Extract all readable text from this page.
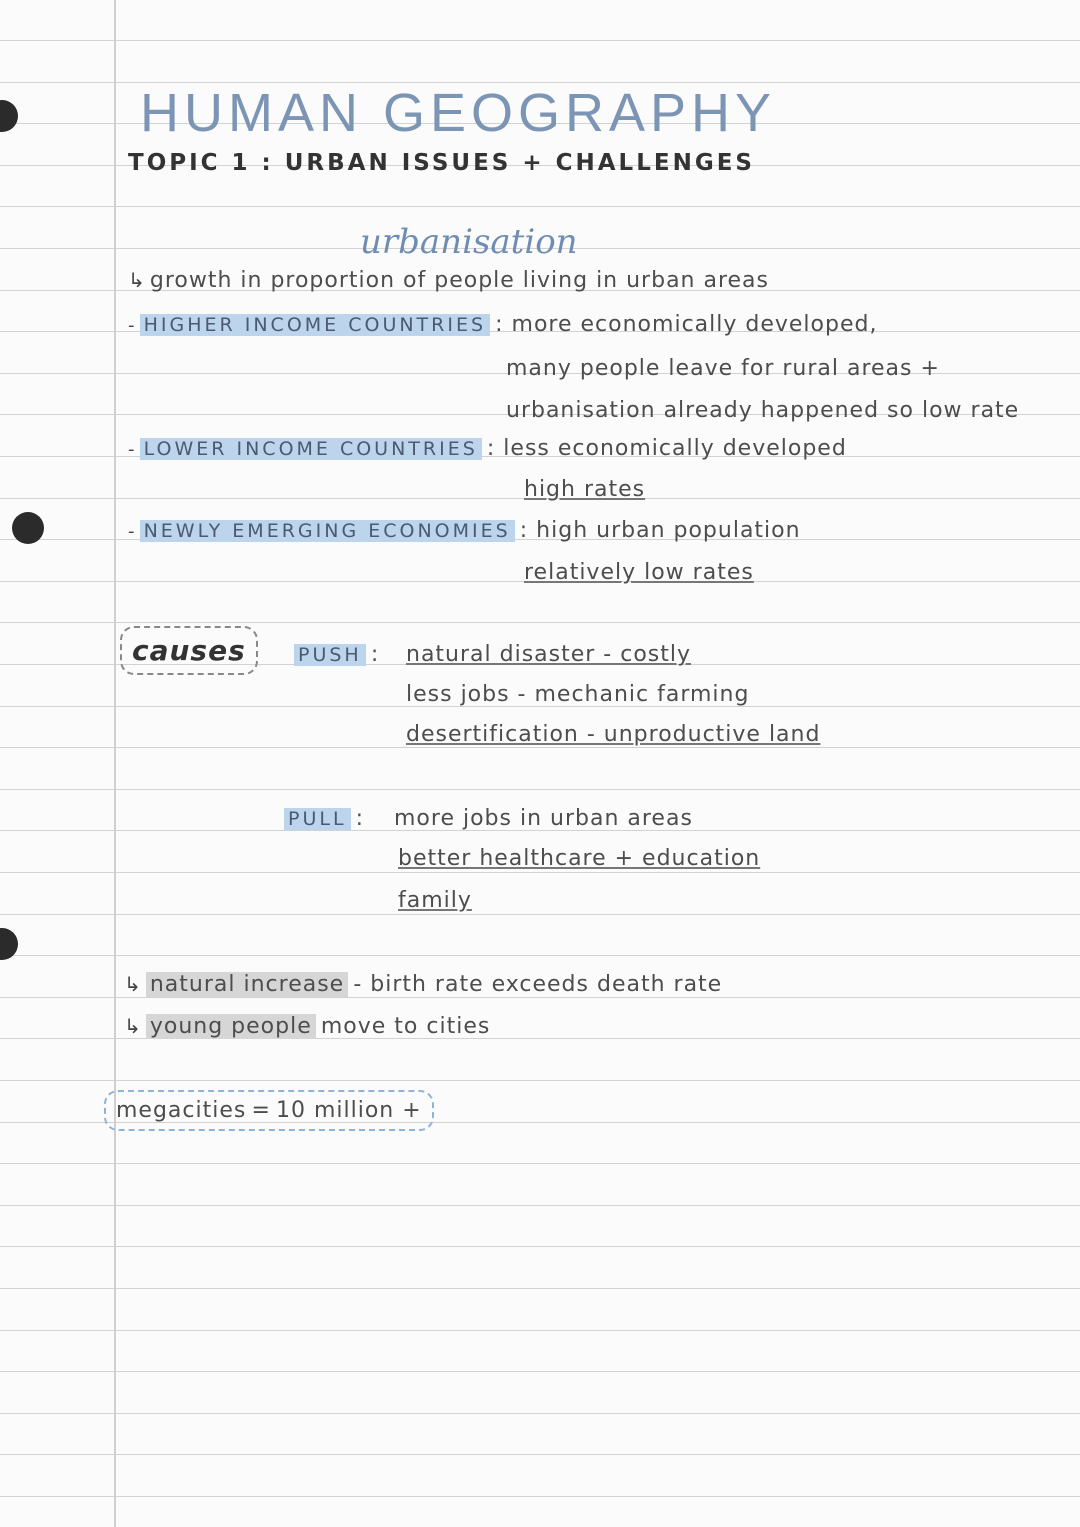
HUMAN GEOGRAPHY
TOPIC 1 : URBAN ISSUES + CHALLENGES
urbanisation
↳ growth in proportion of people living in urban areas
- HIGHER INCOME COUNTRIES : more economically developed,
many people leave for rural areas +
urbanisation already happened so low rate
- LOWER INCOME COUNTRIES : less economically developed
high rates
- NEWLY EMERGING ECONOMIES : high urban population
relatively low rates
causes	PUSH : natural disaster - costly
less jobs - mechanic farming
desertification - unproductive land
PULL : more jobs in urban areas
better healthcare + education
family
↳ natural increase - birth rate exceeds death rate
↳ young people move to cities
megacities = 10 million +
